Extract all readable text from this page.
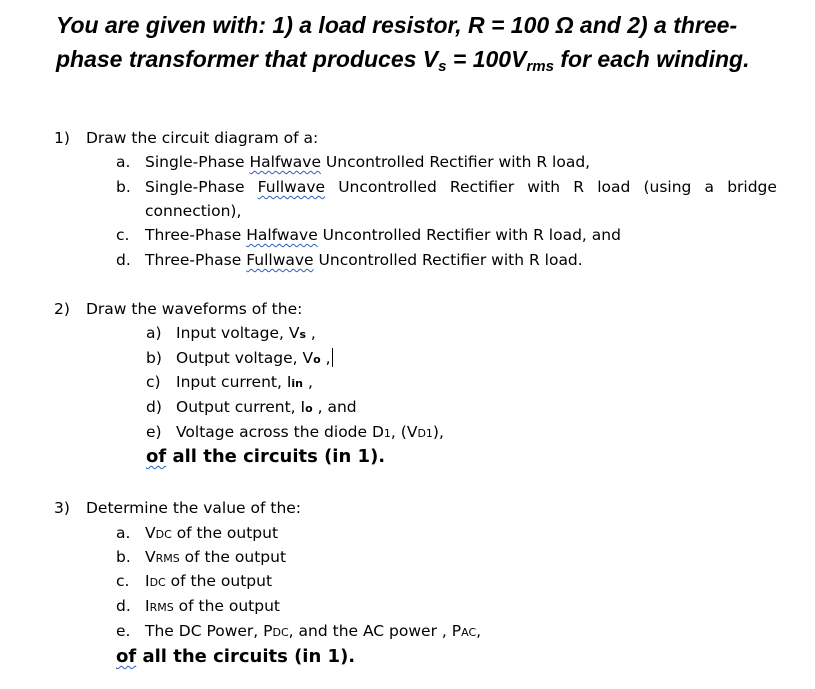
You are given with: 1) a load resistor, R = 100 Ω and 2) a three-
phase transformer that produces $V_s = 100V_{rms}$ for each winding.
1) Draw the circuit diagram of a:
a. Single-Phase Halfwave Uncontrolled Rectifier with R load,
b. Single-Phase Fullwave Uncontrolled Rectifier with R load (using a bridge
connection),
c. Three-Phase Halfwave Uncontrolled Rectifier with R load, and
d. Three-Phase Fullwave Uncontrolled Rectifier with R load.
2) Draw the waveforms of the:
a) Input voltage, Vs ,
b) Output voltage, Vo ,
c) Input current, Iin ,
d) Output current, Io , and
e) Voltage across the diode D1, (VD1),
of all the circuits (in 1).
3) Determine the value of the:
a. VDC of the output
b. VRMS of the output
c. IDC of the output
d. IRMS of the output
e. The DC Power, PDC, and the AC power , PAC,
of all the circuits (in 1).
